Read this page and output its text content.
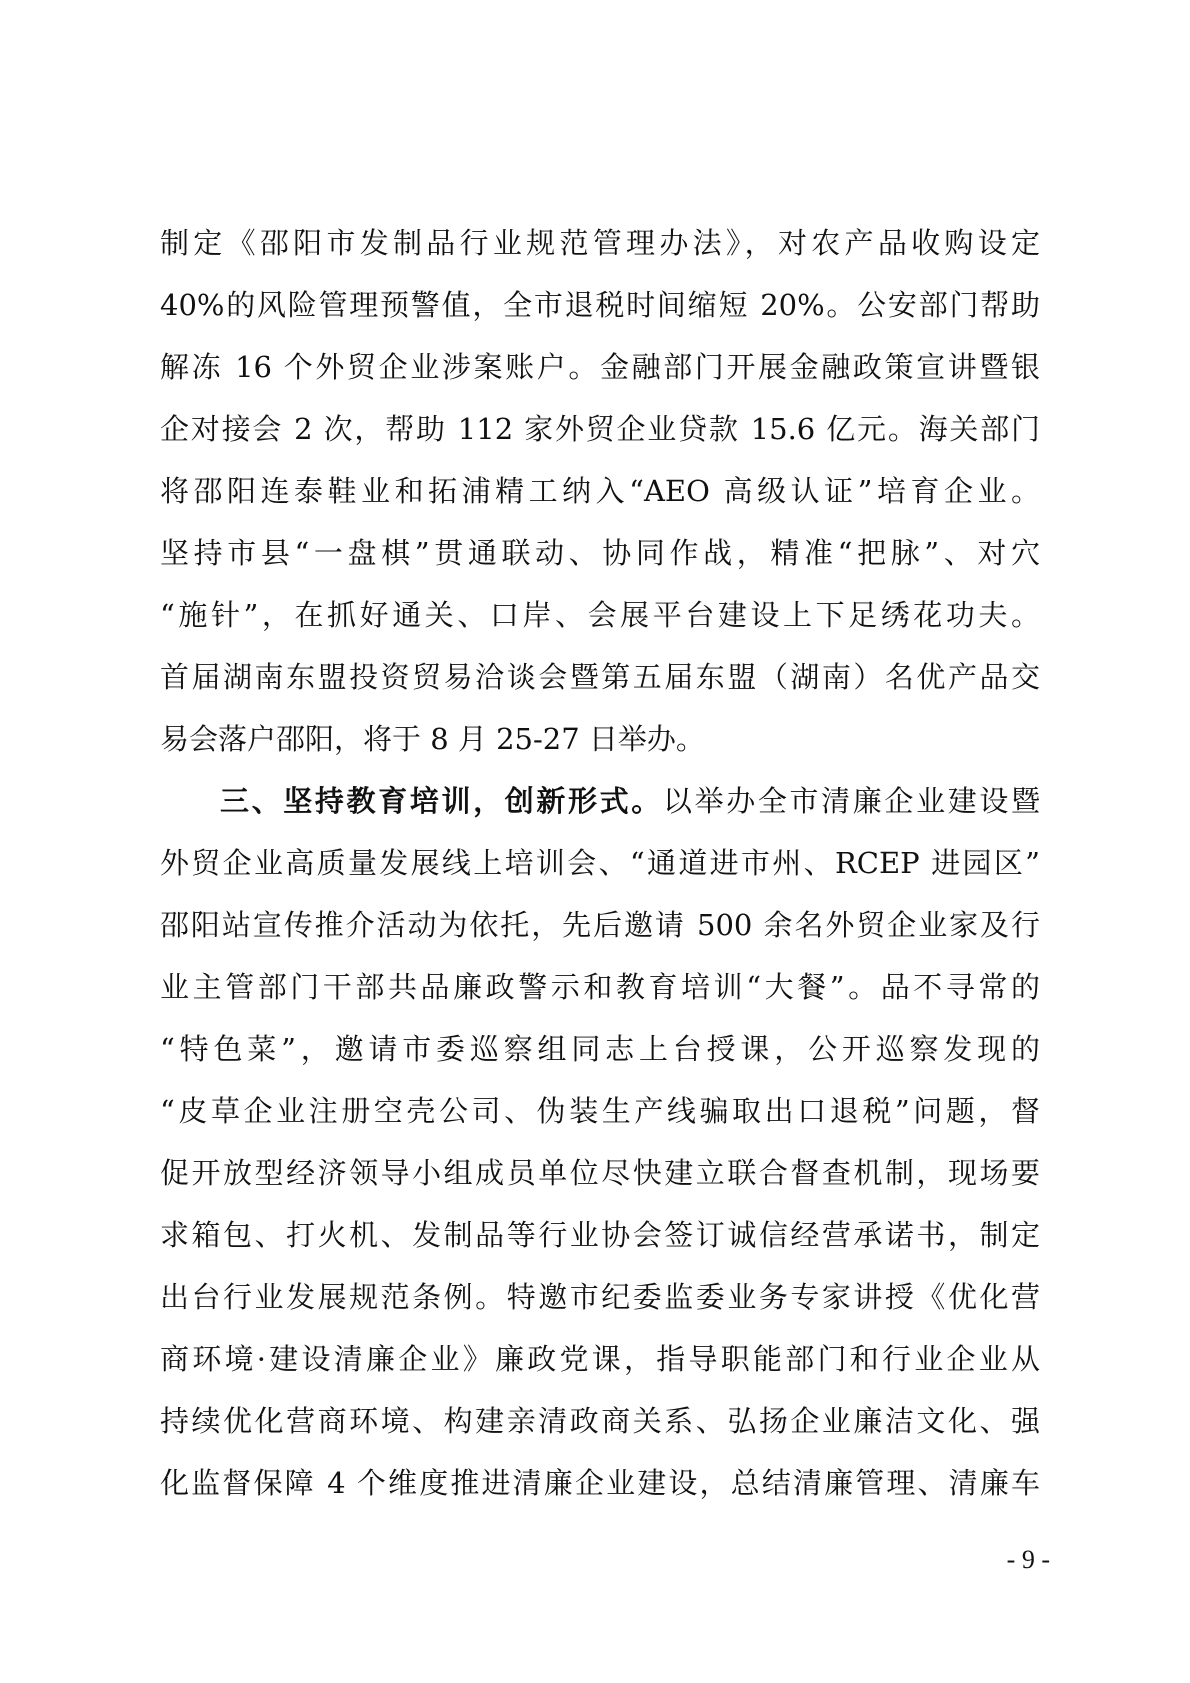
制定《邵阳市发制品行业规范管理办法》，对农产品收购设定
40%的风险管理预警值，全市退税时间缩短 20%。公安部门帮助
解冻 16 个外贸企业涉案账户。金融部门开展金融政策宣讲暨银
企对接会 2 次，帮助 112 家外贸企业贷款 15.6 亿元。海关部门
将邵阳连泰鞋业和拓浦精工纳入“AEO 高级认证”培育企业。
坚持市县“一盘棋”贯通联动、协同作战，精准“把脉”、对穴
“施针”，在抓好通关、口岸、会展平台建设上下足绣花功夫。
首届湖南东盟投资贸易洽谈会暨第五届东盟（湖南）名优产品交
易会落户邵阳，将于 8 月 25-27 日举办。
三、坚持教育培训，创新形式。以举办全市清廉企业建设暨
外贸企业高质量发展线上培训会、“通道进市州、RCEP 进园区”
邵阳站宣传推介活动为依托，先后邀请 500 余名外贸企业家及行
业主管部门干部共品廉政警示和教育培训“大餐”。品不寻常的
“特色菜”，邀请市委巡察组同志上台授课，公开巡察发现的
“皮草企业注册空壳公司、伪装生产线骗取出口退税”问题，督
促开放型经济领导小组成员单位尽快建立联合督查机制，现场要
求箱包、打火机、发制品等行业协会签订诚信经营承诺书，制定
出台行业发展规范条例。特邀市纪委监委业务专家讲授《优化营
商环境·建设清廉企业》廉政党课，指导职能部门和行业企业从
持续优化营商环境、构建亲清政商关系、弘扬企业廉洁文化、强
化监督保障 4 个维度推进清廉企业建设，总结清廉管理、清廉车
- 9 -
